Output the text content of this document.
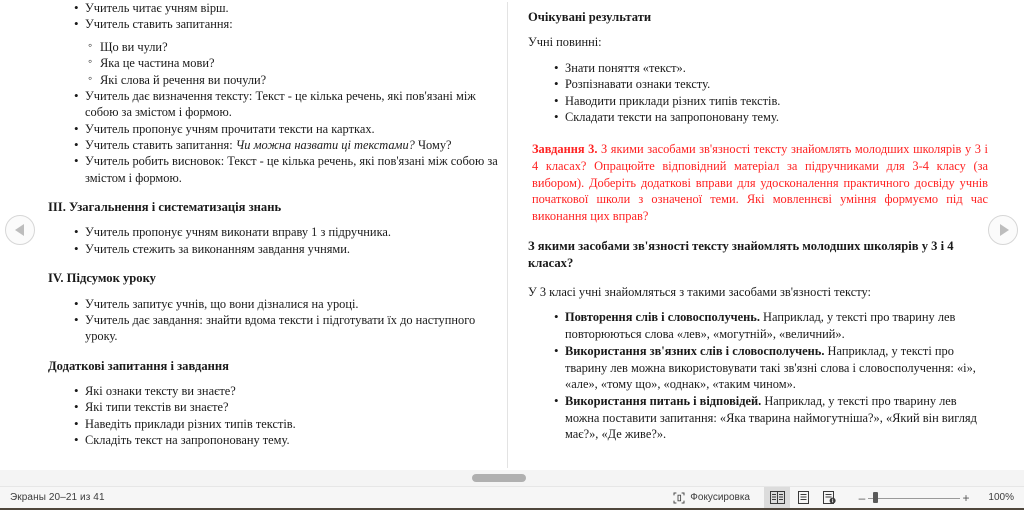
• Учитель читає учням вірш.
• Учитель ставить запитання:
◦ Що ви чули?
◦ Яка це частина мови?
◦ Які слова й речення ви почули?
• Учитель дає визначення тексту: Текст - це кілька речень, які пов'язані між собою за змістом і формою.
• Учитель пропонує учням прочитати тексти на картках.
• Учитель ставить запитання: Чи можна назвати ці текстами? Чому?
• Учитель робить висновок: Текст - це кілька речень, які пов'язані між собою за змістом і формою.
III. Узагальнення і систематизація знань
• Учитель пропонує учням виконати вправу 1 з підручника.
• Учитель стежить за виконанням завдання учнями.
IV. Підсумок уроку
• Учитель запитує учнів, що вони дізналися на уроці.
• Учитель дає завдання: знайти вдома тексти і підготувати їх до наступного уроку.
Додаткові запитання і завдання
• Які ознаки тексту ви знаєте?
• Які типи текстів ви знаєте?
• Наведіть приклади різних типів текстів.
• Складіть текст на запропоновану тему.
Очікувані результати

Учні повинні:

• Знати поняття «текст».
• Розпізнавати ознаки тексту.
• Наводити приклади різних типів текстів.
• Складати тексти на запропоновану тему.

Завдання 3. З якими засобами зв'язності тексту знайомлять молодших школярів у 3 і 4 класах? Опрацюйте відповідний матеріал за підручниками для 3-4 класу (за вибором). Доберіть додаткові вправи для удосконалення практичного досвіду учнів початкової школи з означеної теми. Які мовленнєві уміння формуємо під час виконання цих вправ?

З якими засобами зв'язності тексту знайомлять молодших школярів у 3 і 4 класах?

У 3 класі учні знайомляться з такими засобами зв'язності тексту:

• Повторення слів і словосполучень. Наприклад, у тексті про тварину лев повторюються слова «лев», «могутній», «величний».
• Використання зв'язних слів і словосполучень. Наприклад, у тексті про тварину лев можна використовувати такі зв'язні слова і словосполучення: «і», «але», «тому що», «однак», «таким чином».
• Використання питань і відповідей. Наприклад, у тексті про тварину лев можна поставити запитання: «Яка тварина наймогутніша?», «Який він вигляд має?», «Де живе?».
Экраны 20–21 из 41	Фокусировка	–	+	100%
